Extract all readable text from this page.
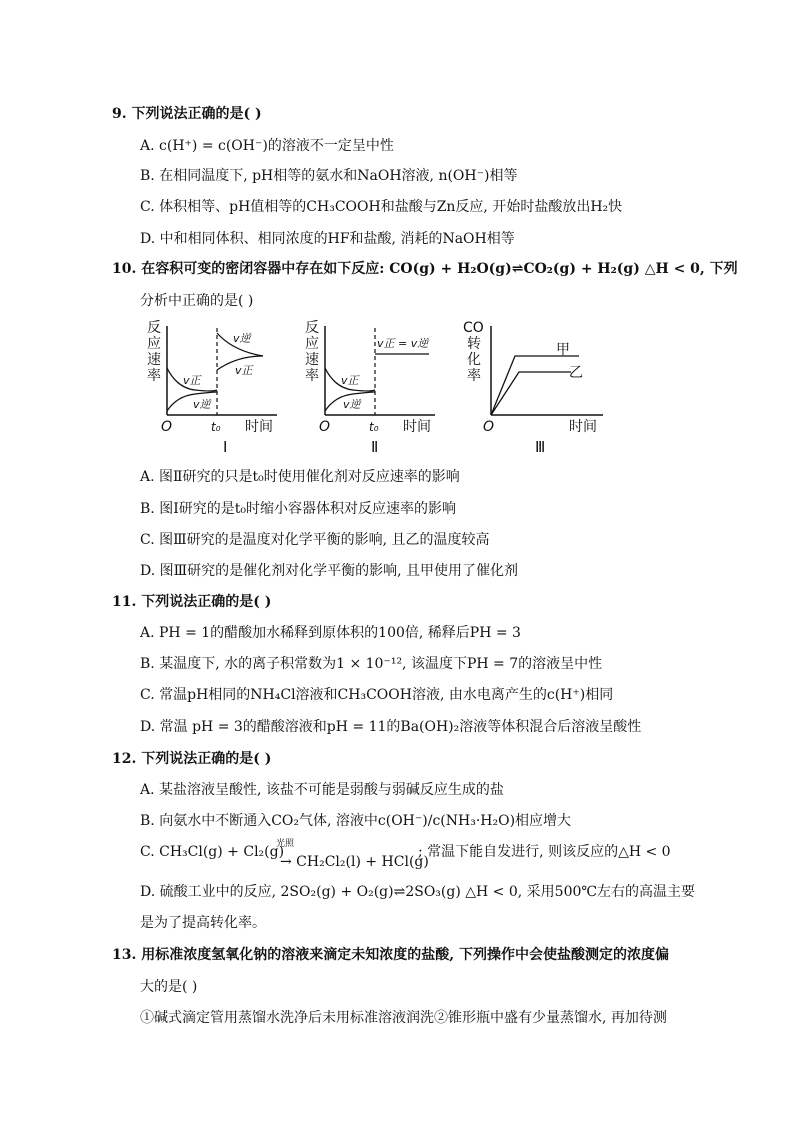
9. 下列说法正确的是( )
A. c(H⁺) = c(OH⁻)的溶液不一定呈中性
B. 在相同温度下, pH相等的氨水和NaOH溶液, n(OH⁻)相等
C. 体积相等、pH值相等的CH₃COOH和盐酸与Zn反应, 开始时盐酸放出H₂快
D. 中和相同体积、相同浓度的HF和盐酸, 消耗的NaOH相等
10. 在容积可变的密闭容器中存在如下反应: CO(g) + H₂O(g)⇌CO₂(g) + H₂(g) △H < 0, 下列
分析中正确的是( )
反
应
速
率 v正
v逆
v逆
v正
O	t₀ 时间
Ⅰ
反
应
速
率
v正 = v逆
v正
v逆
O	t₀ 时间
Ⅱ
CO
转
化
率
甲
乙
O	时间
Ⅲ
A. 图Ⅱ研究的只是t₀时使用催化剂对反应速率的影响
B. 图Ⅰ研究的是t₀时缩小容器体积对反应速率的影响
C. 图Ⅲ研究的是温度对化学平衡的影响, 且乙的温度较高
D. 图Ⅲ研究的是催化剂对化学平衡的影响, 且甲使用了催化剂
11. 下列说法正确的是( )
A. PH = 1的醋酸加水稀释到原体积的100倍, 稀释后PH = 3
B. 某温度下, 水的离子积常数为1 × 10⁻¹², 该温度下PH = 7的溶液呈中性
C. 常温pH相同的NH₄Cl溶液和CH₃COOH溶液, 由水电离产生的c(H⁺)相同
D. 常温 pH = 3的醋酸溶液和pH = 11的Ba(OH)₂溶液等体积混合后溶液呈酸性
12. 下列说法正确的是( )
A. 某盐溶液呈酸性, 该盐不可能是弱酸与弱碱反应生成的盐
B. 向氨水中不断通入CO₂气体, 溶液中c(OH⁻)/c(NH₃·H₂O)相应增大
C. CH₃Cl(g) + Cl₂(g)
光照
→ CH₂Cl₂(l) + HCl(g)
; 常温下能自发进行, 则该反应的△H < 0
D. 硫酸工业中的反应, 2SO₂(g) + O₂(g)⇌2SO₃(g) △H < 0, 采用500℃左右的高温主要
是为了提高转化率。
13. 用标准浓度氢氧化钠的溶液来滴定未知浓度的盐酸, 下列操作中会使盐酸测定的浓度偏
大的是( )
①碱式滴定管用蒸馏水洗净后未用标准溶液润洗②锥形瓶中盛有少量蒸馏水, 再加待测
